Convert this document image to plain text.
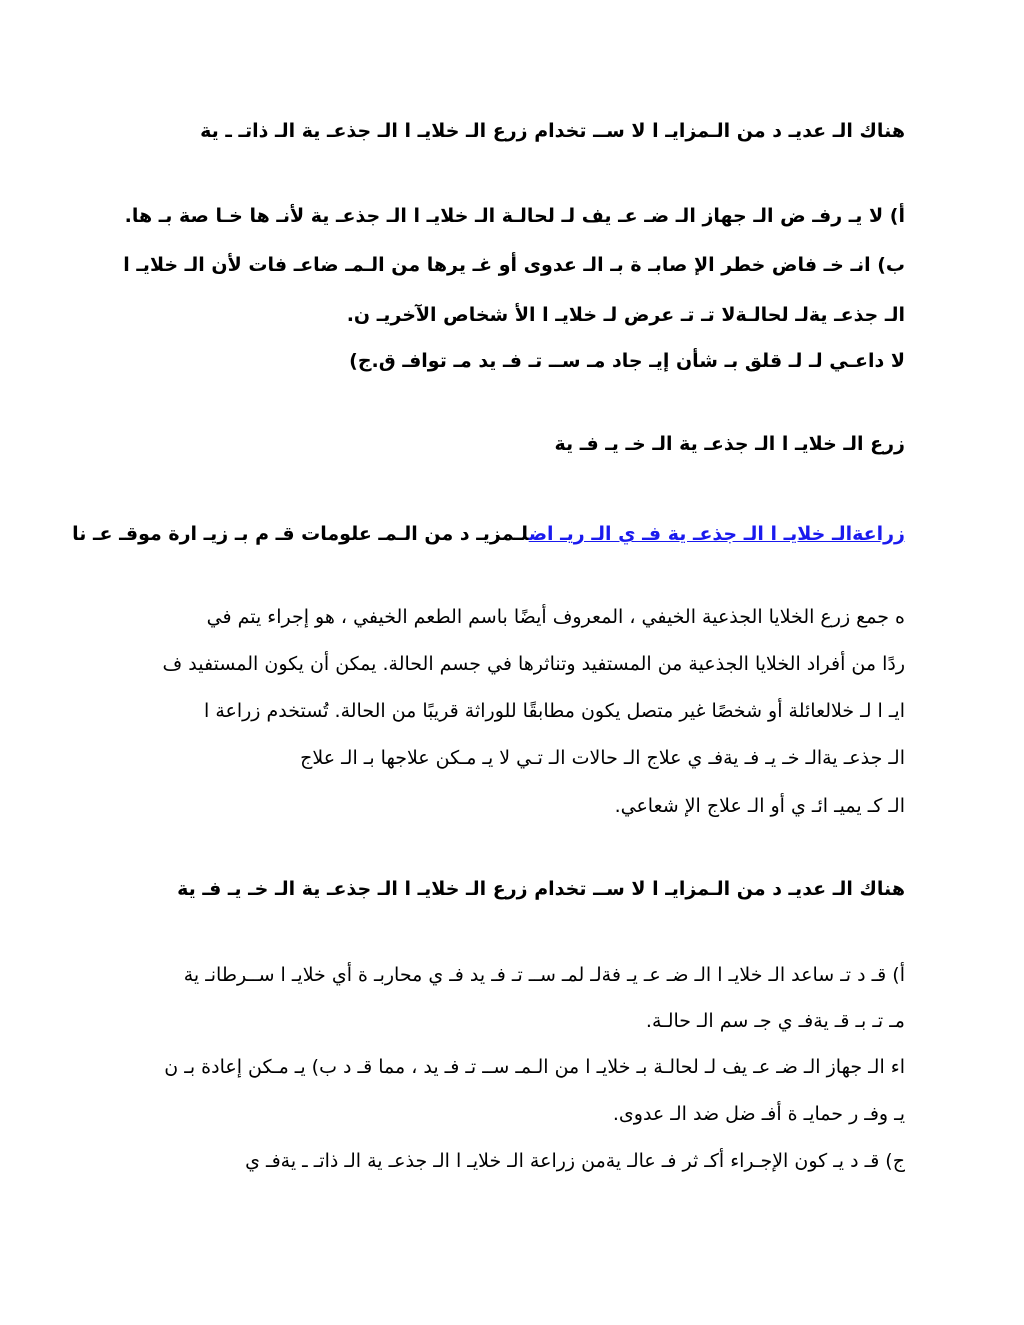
هناك الـ عديـ د من الـمزايـ ا لا ســ تخدام زرع الـ خلايـ ا الـ جذعـ ية الـ ذاتـ ـ ية
أ) لا يـ رفـ ض الـ جهاز الـ ضـ عـ يف لـ لحالـة الـ خلايـ ا الـ جذعـ ية لأنـ ها خـا صة بـ ها.
ب) انـ خـ فاض خطر الإ صابـ ة بـ الـ عدوى أو غـ يرها من الـمـ ضاعـ فات لأن الـ خلايـ ا
الـ جذعـ يةلـ لحالـةلا تـ تـ عرض لـ خلايـ ا الأ شخاص الآخريـ ن.
لا داعـي لـ لـ قلق بـ شأن إيـ جاد مـ ســ تـ فـ يد مـ توافـ ق.ج)
زرع الـ خلايـ ا الـ جذعـ ية الـ خـ يـ فـ ية
زراعةالـ خلايـ ا الـ جذعـ ية فـ ي الـ ريـ اضلـمزيـ د من الـمـ علومات قـ م بـ زيـ ارة موقـ عـ نا
ه جمع زرع الخلايا الجذعية الخيفي ، المعروف أيضًا باسم الطعم الخيفي ، هو إجراء يتم في
ردًا من أفراد الخلايا الجذعية من المستفيد وتناثرها في جسم الحالة. يمكن أن يكون المستفيد ف
ايـ ا لـ خلالعائلة أو شخصًا غير متصل يكون مطابقًا للوراثة قريبًا من الحالة. تُستخدم زراعة ا
الـ جذعـ يةالـ خـ يـ فـ يةفـ ي علاج الـ حالات الـ تـي لا يـ مـكن علاجها بـ الـ علاج
الـ كـ يميـ ائـ ي أو الـ علاج الإ شعاعي.
هناك الـ عديـ د من الـمزايـ ا لا ســ تخدام زرع الـ خلايـ ا الـ جذعـ ية الـ خـ يـ فـ ية
أ) قـ د تـ ساعد الـ خلايـ ا الـ ضـ عـ يـ فةلـ لمـ ســ تـ فـ يد فـ ي محاربـ ة أي خلايـ ا ســرطانـ ية
مـ تـ بـ قـ يةفـ ي جـ سم الـ حالـة.
اء الـ جهاز الـ ضـ عـ يف لـ لحالـة بـ خلايـ ا من الـمـ ســ تـ فـ يد ، مما قـ د ب) يـ مـكن إعادة بـ ن
يـ وفـ ر حمايـ ة أفـ ضل ضد الـ عدوى.
ج) قـ د يـ كون الإجـراء أكـ ثر فـ عالـ يةمن زراعة الـ خلايـ ا الـ جذعـ ية الـ ذاتـ ـ يةفـ ي
